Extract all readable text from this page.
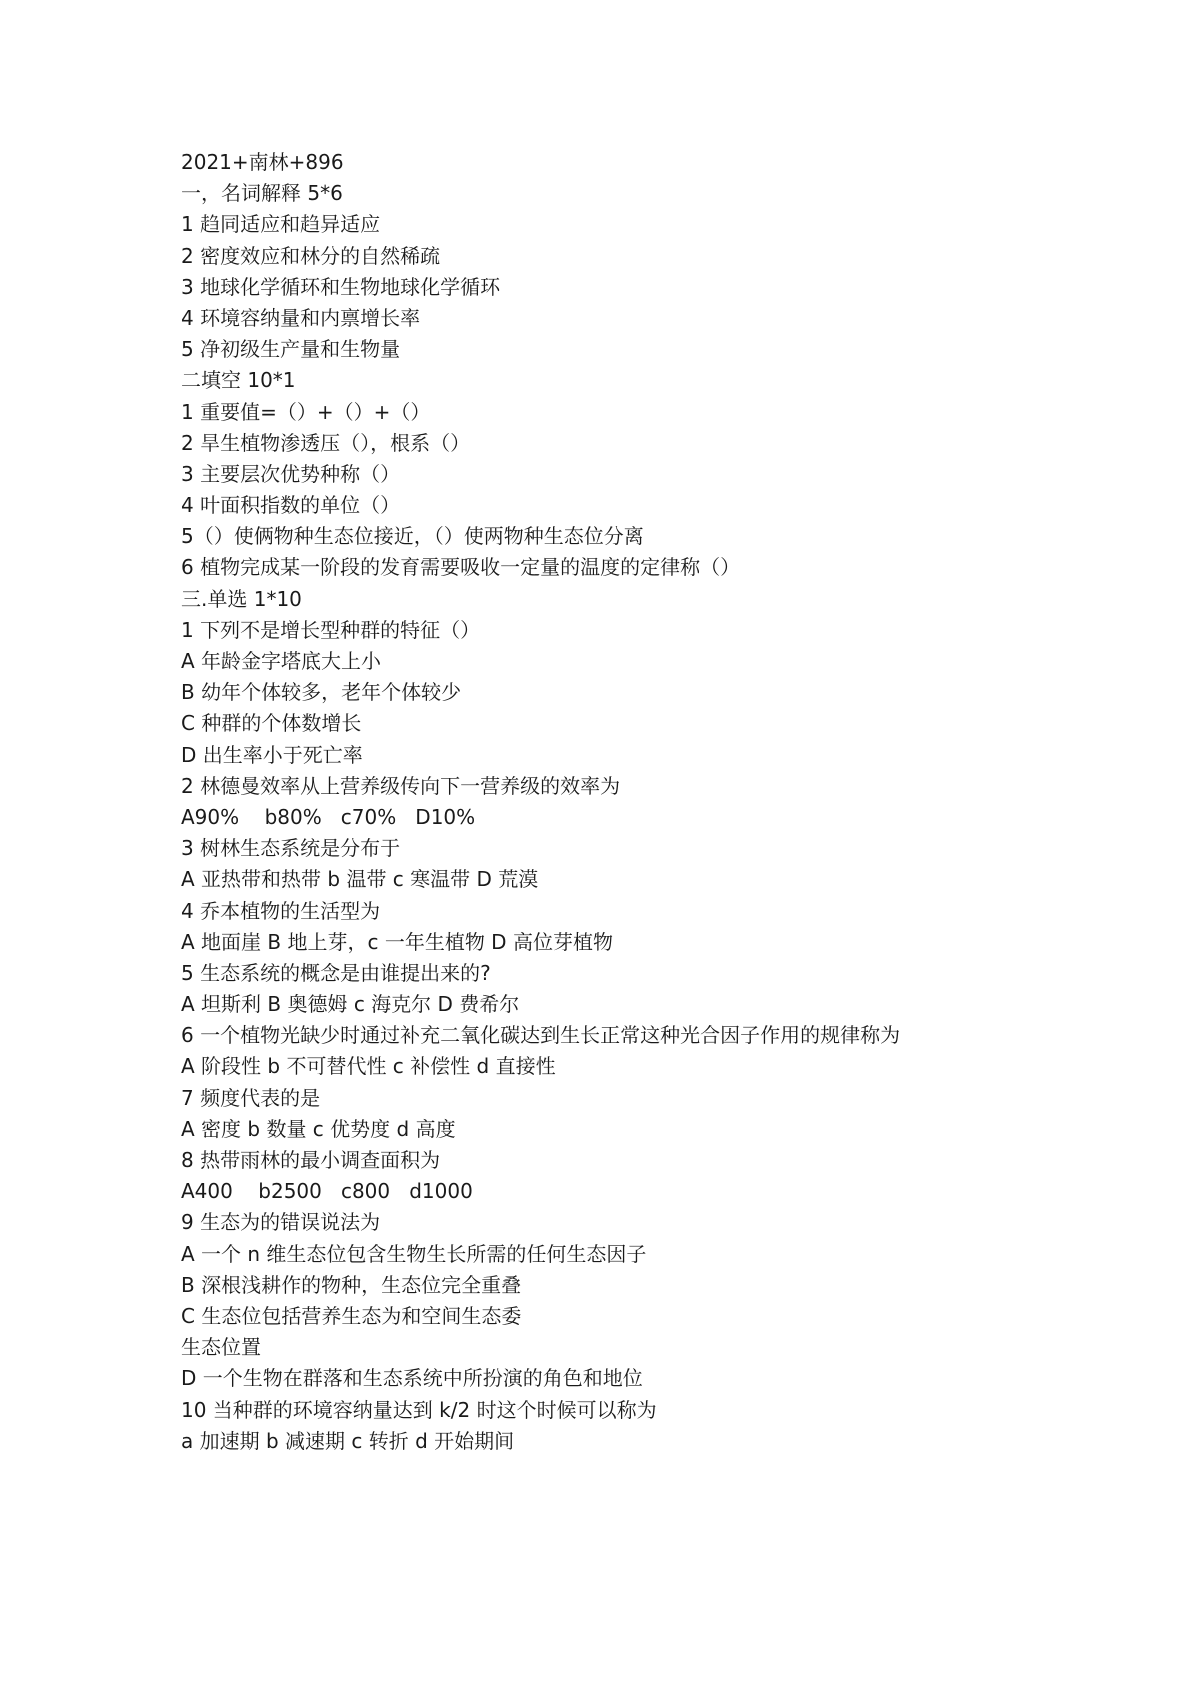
2021+南林+896
一，名词解释 5*6
1 趋同适应和趋异适应
2 密度效应和林分的自然稀疏
3 地球化学循环和生物地球化学循环
4 环境容纳量和内禀增长率
5 净初级生产量和生物量
二填空 10*1
1 重要值=（）+（）+（）
2 旱生植物渗透压（），根系（）
3 主要层次优势种称（）
4 叶面积指数的单位（）
5（）使俩物种生态位接近，（）使两物种生态位分离
6 植物完成某一阶段的发育需要吸收一定量的温度的定律称（）
三.单选 1*10
1 下列不是增长型种群的特征（）
A 年龄金字塔底大上小
B 幼年个体较多，老年个体较少
C 种群的个体数增长
D 出生率小于死亡率
2 林德曼效率从上营养级传向下一营养级的效率为
A90%    b80%   c70%   D10%
3 树林生态系统是分布于
A 亚热带和热带 b 温带 c 寒温带 D 荒漠
4 乔本植物的生活型为
A 地面崖 B 地上芽，c 一年生植物 D 高位芽植物
5 生态系统的概念是由谁提出来的?
A 坦斯利 B 奥德姆 c 海克尔 D 费希尔
6 一个植物光缺少时通过补充二氧化碳达到生长正常这种光合因子作用的规律称为
A 阶段性 b 不可替代性 c 补偿性 d 直接性
7 频度代表的是
A 密度 b 数量 c 优势度 d 高度
8 热带雨林的最小调查面积为
A400    b2500   c800   d1000
9 生态为的错误说法为
A 一个 n 维生态位包含生物生长所需的任何生态因子
B 深根浅耕作的物种，生态位完全重叠
C 生态位包括营养生态为和空间生态委
生态位置
D 一个生物在群落和生态系统中所扮演的角色和地位
10 当种群的环境容纳量达到 k/2 时这个时候可以称为
a 加速期 b 减速期 c 转折 d 开始期间
